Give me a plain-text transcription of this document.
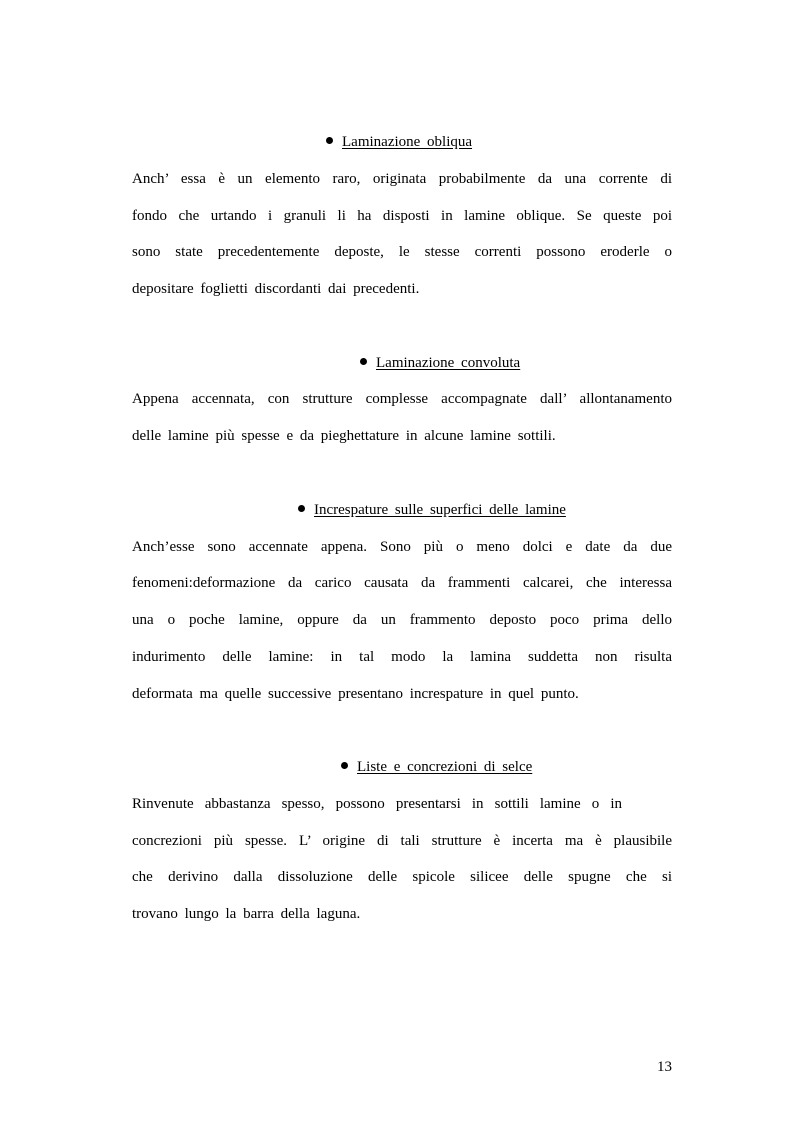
Laminazione obliqua
Anch’ essa è un elemento raro, originata probabilmente da una corrente di
fondo che urtando i granuli li ha disposti in lamine oblique. Se queste poi
sono state precedentemente deposte, le stesse correnti possono eroderle o
depositare foglietti discordanti dai precedenti.
Laminazione convoluta
Appena accennata, con strutture complesse accompagnate dall’ allontanamento
delle lamine più spesse e da pieghettature in alcune lamine sottili.
Increspature sulle superfici delle lamine
Anch’esse sono accennate appena. Sono più o meno dolci e date da due
fenomeni:deformazione da carico causata da frammenti calcarei, che interessa
una o poche lamine, oppure da un frammento deposto poco prima dello
indurimento delle lamine: in tal modo la lamina suddetta non risulta
deformata ma quelle successive presentano increspature in quel punto.
Liste e concrezioni di selce
Rinvenute abbastanza spesso, possono presentarsi in sottili lamine o in
concrezioni più spesse. L’ origine di tali strutture è incerta ma è plausibile
che derivino dalla dissoluzione delle spicole silicee delle spugne che si
trovano lungo la barra della laguna.
13
